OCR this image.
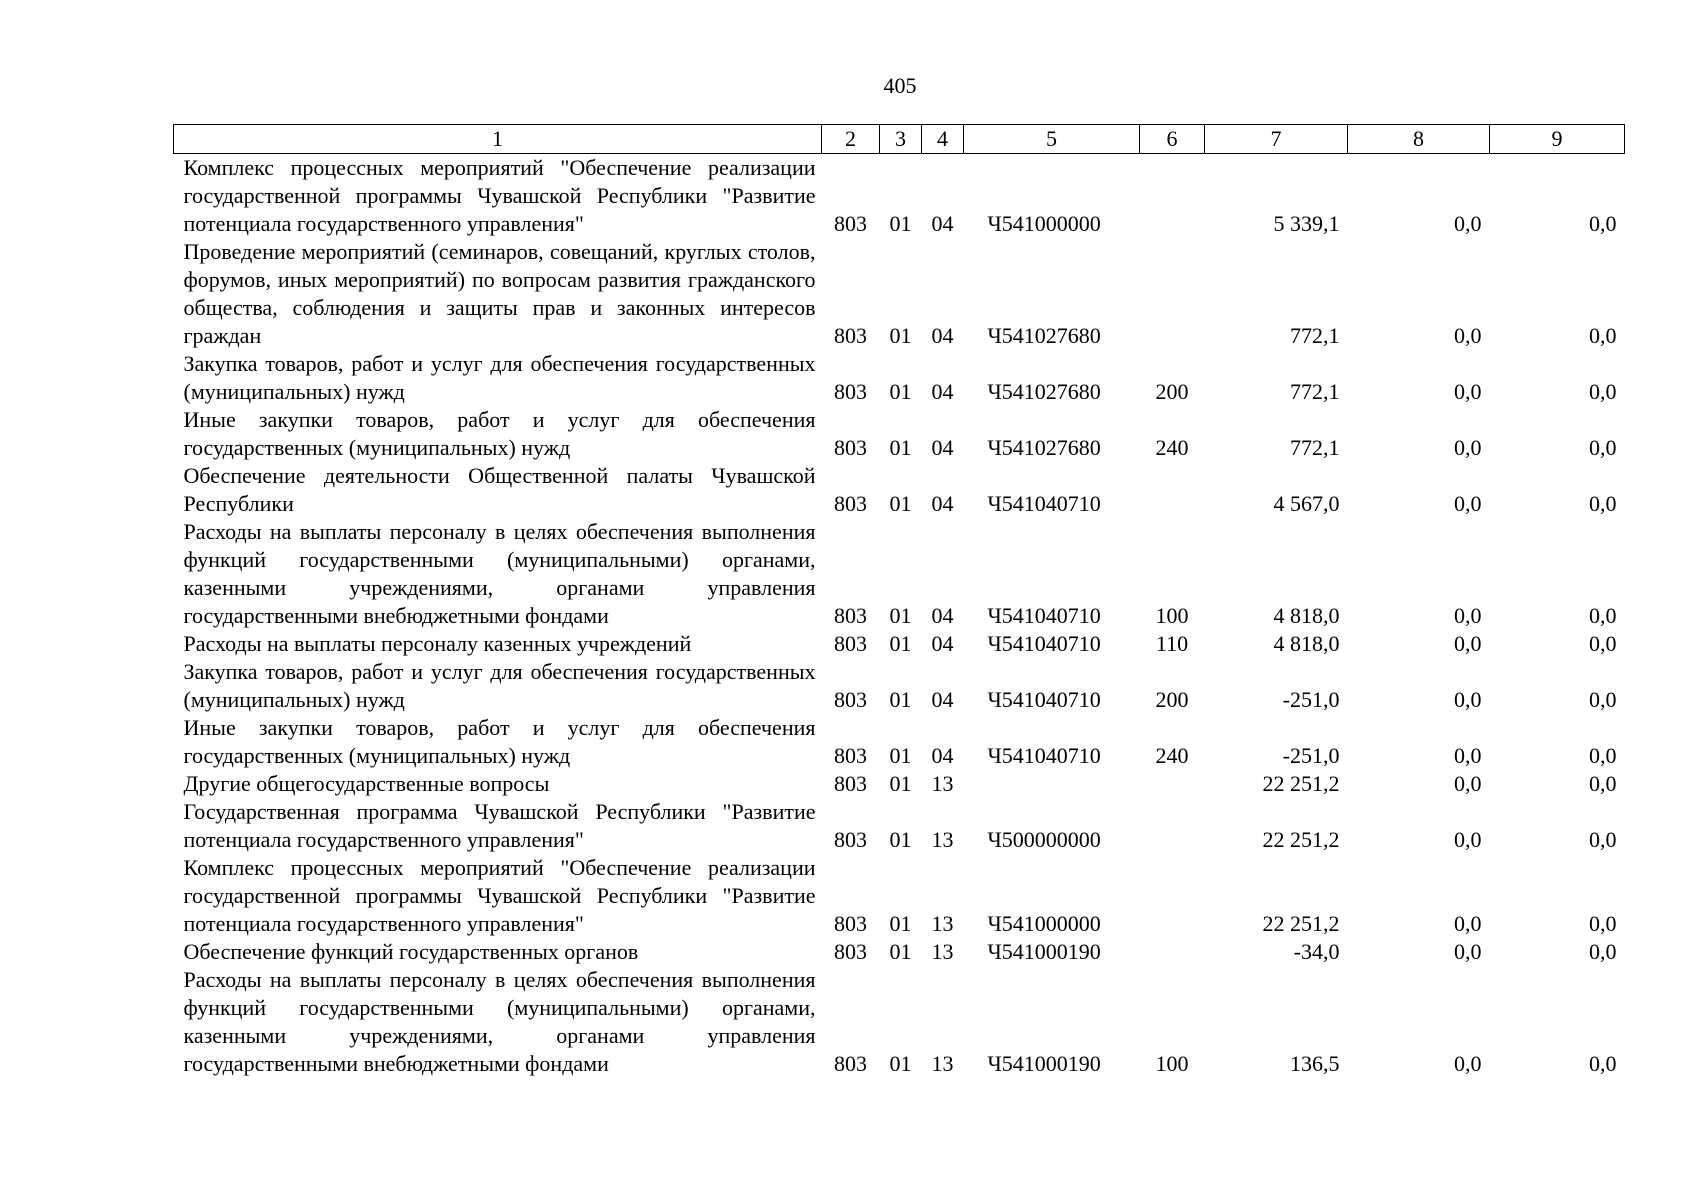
405
1	2	3	4	5	6	7	8	9
Комплекс процессных мероприятий "Обеспечение реализации государственной программы Чувашской Республики "Развитие потенциала государственного управления"	803	01	04	Ч541000000		5 339,1	0,0	0,0
Проведение мероприятий (семинаров, совещаний, круглых столов, форумов, иных мероприятий) по вопросам развития гражданского общества, соблюдения и защиты прав и законных интересов граждан	803	01	04	Ч541027680		772,1	0,0	0,0
Закупка товаров, работ и услуг для обеспечения государственных (муниципальных) нужд	803	01	04	Ч541027680	200	772,1	0,0	0,0
Иные закупки товаров, работ и услуг для обеспечения государственных (муниципальных) нужд	803	01	04	Ч541027680	240	772,1	0,0	0,0
Обеспечение деятельности Общественной палаты Чувашской Республики	803	01	04	Ч541040710		4 567,0	0,0	0,0
Расходы на выплаты персоналу в целях обеспечения выполнения функций государственными (муниципальными) органами, казенными учреждениями, органами управления государственными внебюджетными фондами	803	01	04	Ч541040710	100	4 818,0	0,0	0,0
Расходы на выплаты персоналу казенных учреждений	803	01	04	Ч541040710	110	4 818,0	0,0	0,0
Закупка товаров, работ и услуг для обеспечения государственных (муниципальных) нужд	803	01	04	Ч541040710	200	-251,0	0,0	0,0
Иные закупки товаров, работ и услуг для обеспечения государственных (муниципальных) нужд	803	01	04	Ч541040710	240	-251,0	0,0	0,0
Другие общегосударственные вопросы	803	01	13			22 251,2	0,0	0,0
Государственная программа Чувашской Республики "Развитие потенциала государственного управления"	803	01	13	Ч500000000		22 251,2	0,0	0,0
Комплекс процессных мероприятий "Обеспечение реализации государственной программы Чувашской Республики "Развитие потенциала государственного управления"	803	01	13	Ч541000000		22 251,2	0,0	0,0
Обеспечение функций государственных органов	803	01	13	Ч541000190		-34,0	0,0	0,0
Расходы на выплаты персоналу в целях обеспечения выполнения функций государственными (муниципальными) органами, казенными учреждениями, органами управления государственными внебюджетными фондами	803	01	13	Ч541000190	100	136,5	0,0	0,0
